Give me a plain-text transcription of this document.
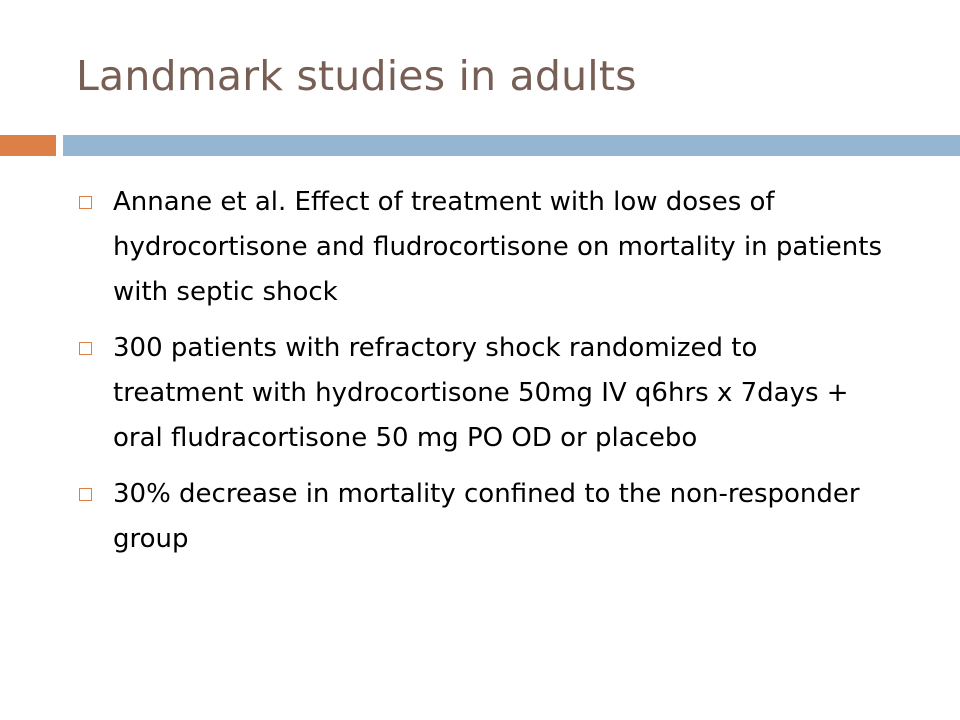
Landmark studies in adults
Annane et al. Effect of treatment with low doses of hydrocortisone and fludrocortisone on mortality in patients with septic shock
300 patients with refractory shock randomized to treatment with hydrocortisone 50mg IV q6hrs x 7days + oral fludracortisone 50 mg PO OD or placebo
30% decrease in mortality confined to the non-responder group
